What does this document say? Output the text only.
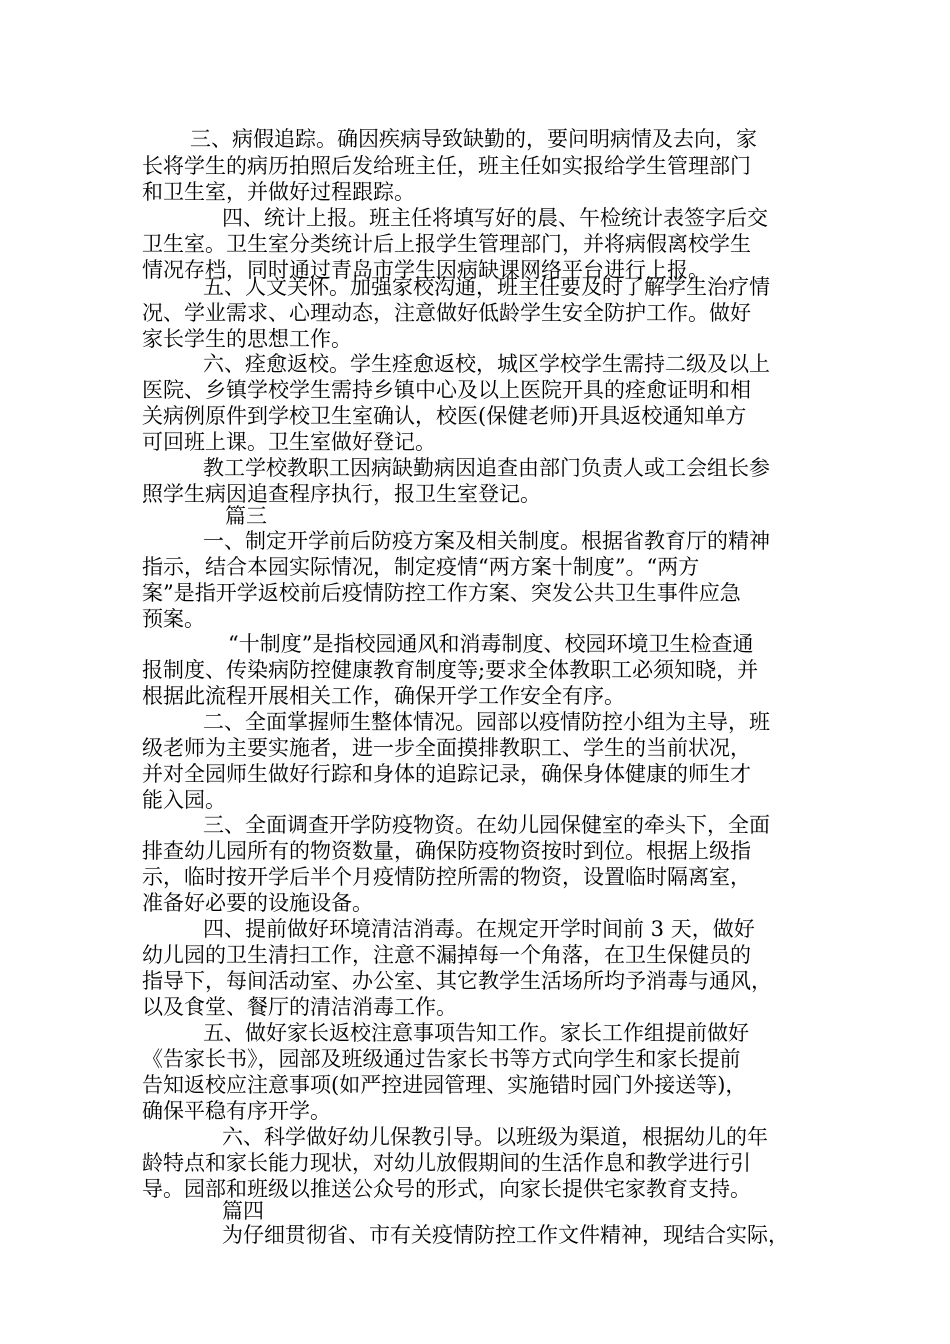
三、病假追踪。确因疾病导致缺勤的，要问明病情及去向，家
长将学生的病历拍照后发给班主任，班主任如实报给学生管理部门
和卫生室，并做好过程跟踪。
四、统计上报。班主任将填写好的晨、午检统计表签字后交
卫生室。卫生室分类统计后上报学生管理部门，并将病假离校学生
情况存档，同时通过青岛市学生因病缺课网络平台进行上报。
五、人文关怀。加强家校沟通，班主任要及时了解学生治疗情
况、学业需求、心理动态，注意做好低龄学生安全防护工作。做好
家长学生的思想工作。
六、痊愈返校。学生痊愈返校，城区学校学生需持二级及以上
医院、乡镇学校学生需持乡镇中心及以上医院开具的痊愈证明和相
关病例原件到学校卫生室确认，校医(保健老师)开具返校通知单方
可回班上课。卫生室做好登记。
教工学校教职工因病缺勤病因追查由部门负责人或工会组长参
照学生病因追查程序执行，报卫生室登记。
篇三
一、制定开学前后防疫方案及相关制度。根据省教育厅的精神
指示，结合本园实际情况，制定疫情“两方案十制度”。“两方
案”是指开学返校前后疫情防控工作方案、突发公共卫生事件应急
预案。
“十制度”是指校园通风和消毒制度、校园环境卫生检查通
报制度、传染病防控健康教育制度等;要求全体教职工必须知晓，并
根据此流程开展相关工作，确保开学工作安全有序。
二、全面掌握师生整体情况。园部以疫情防控小组为主导，班
级老师为主要实施者，进一步全面摸排教职工、学生的当前状况，
并对全园师生做好行踪和身体的追踪记录，确保身体健康的师生才
能入园。
三、全面调查开学防疫物资。在幼儿园保健室的牵头下，全面
排查幼儿园所有的物资数量，确保防疫物资按时到位。根据上级指
示，临时按开学后半个月疫情防控所需的物资，设置临时隔离室，
准备好必要的设施设备。
四、提前做好环境清洁消毒。在规定开学时间前 3 天，做好
幼儿园的卫生清扫工作，注意不漏掉每一个角落，在卫生保健员的
指导下，每间活动室、办公室、其它教学生活场所均予消毒与通风，
以及食堂、餐厅的清洁消毒工作。
五、做好家长返校注意事项告知工作。家长工作组提前做好
《告家长书》，园部及班级通过告家长书等方式向学生和家长提前
告知返校应注意事项(如严控进园管理、实施错时园门外接送等)，
确保平稳有序开学。
六、科学做好幼儿保教引导。以班级为渠道，根据幼儿的年
龄特点和家长能力现状，对幼儿放假期间的生活作息和教学进行引
导。园部和班级以推送公众号的形式，向家长提供宅家教育支持。
篇四
为仔细贯彻省、市有关疫情防控工作文件精神，现结合实际，
